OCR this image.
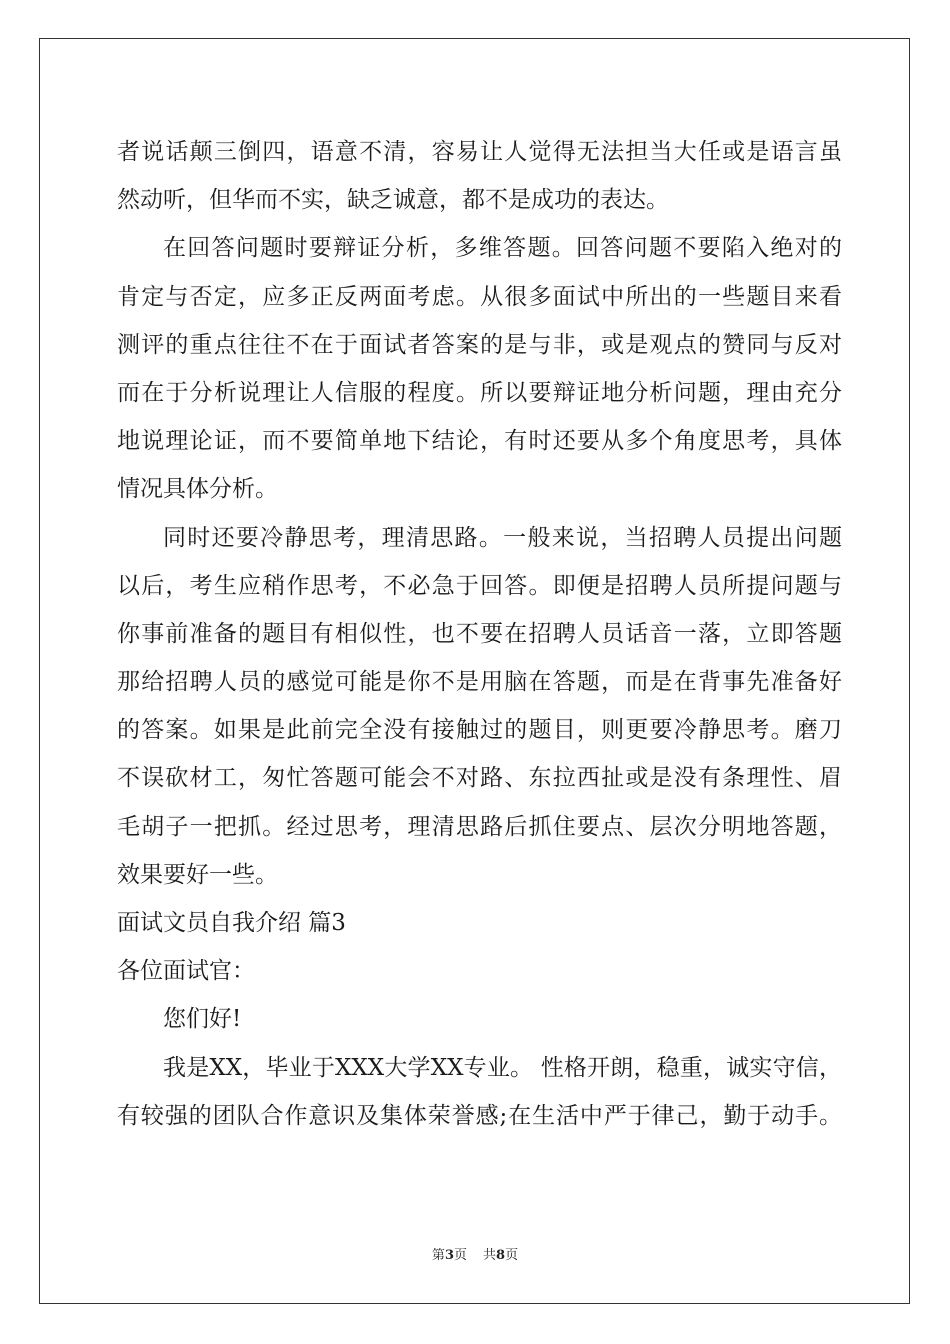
者说话颠三倒四，语意不清，容易让人觉得无法担当大任或是语言虽
然动听，但华而不实，缺乏诚意，都不是成功的表达。
在回答问题时要辩证分析，多维答题。回答问题不要陷入绝对的
肯定与否定，应多正反两面考虑。从很多面试中所出的一些题目来看
测评的重点往往不在于面试者答案的是与非，或是观点的赞同与反对
而在于分析说理让人信服的程度。所以要辩证地分析问题，理由充分
地说理论证，而不要简单地下结论，有时还要从多个角度思考，具体
情况具体分析。
同时还要冷静思考，理清思路。一般来说，当招聘人员提出问题
以后，考生应稍作思考，不必急于回答。即便是招聘人员所提问题与
你事前准备的题目有相似性，也不要在招聘人员话音一落，立即答题
那给招聘人员的感觉可能是你不是用脑在答题，而是在背事先准备好
的答案。如果是此前完全没有接触过的题目，则更要冷静思考。磨刀
不误砍材工，匆忙答题可能会不对路、东拉西扯或是没有条理性、眉
毛胡子一把抓。经过思考，理清思路后抓住要点、层次分明地答题，
效果要好一些。
面试文员自我介绍 篇3
各位面试官：
您们好!
我是XX，毕业于XXX大学XX专业。 性格开朗，稳重，诚实守信，
有较强的团队合作意识及集体荣誉感;在生活中严于律己，勤于动手。
第3页 共8页
